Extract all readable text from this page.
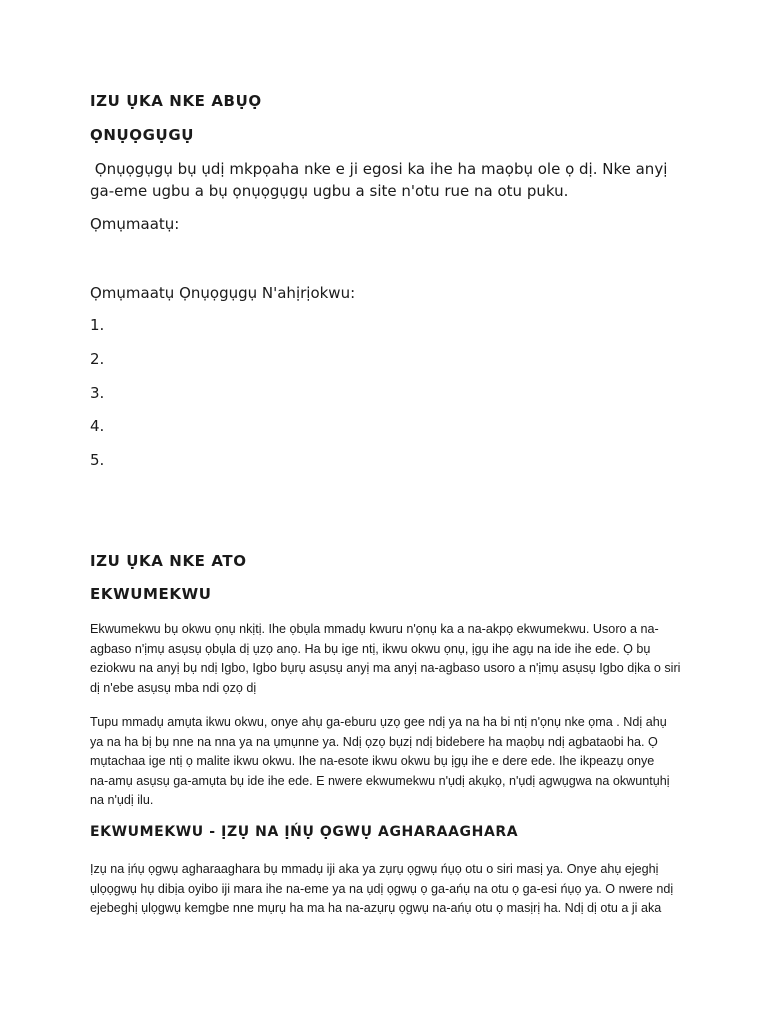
IZU ỤKA NKE ABỤỌ
ỌNỤỌGỤGỤ
Ọnụọgụgụ bụ ụdị mkpọaha nke e ji egosi ka ihe ha maọbụ ole ọ dị. Nke anyị
ga-eme ugbu a bụ ọnụọgụgụ ugbu a site n'otu rue na otu puku.
Ọmụmaatụ:
Ọmụmaatụ Ọnụọgụgụ N'ahịrịokwu:
1.
2.
3.
4.
5.
IZU ỤKA NKE ATO
EKWUMEKWU
Ekwumekwu bụ okwu ọnụ nkịtị. Ihe ọbụla mmadụ kwuru n'ọnụ ka a na-akpọ ekwumekwu. Usoro a na-
agbaso n'ịmụ asụsụ ọbụla dị ụzọ anọ. Ha bụ ige ntị, ikwu okwu ọnụ, ịgụ ihe agụ na ide ihe ede. Ọ bụ
eziokwu na anyị bụ ndị Igbo, Igbo bụrụ asụsụ anyị ma anyị na-agbaso usoro a n'ịmụ asụsụ Igbo dịka o siri
dị n'ebe asụsụ mba ndi ọzọ dị
Tupu mmadụ amụta ikwu okwu, onye ahụ ga-eburu ụzọ gee ndị ya na ha bi ntị n'ọnụ nke ọma . Ndị ahụ
ya na ha bị bụ nne na nna ya na ụmụnne ya. Ndị ọzọ bụzị ndị bidebere ha maọbụ ndị agbataobi ha. Ọ
mụtachaa ige ntị ọ malite ikwu okwu. Ihe na-esote ikwu okwu bụ ịgụ ihe e dere ede. Ihe ikpeazụ onye
na-amụ asụsụ ga-amụta bụ ide ihe ede. E nwere ekwumekwu n'ụdị akụkọ, n'ụdị agwụgwa na okwuntụhị
na n'ụdị ilu.
EKWUMEKWU - ỊZỤ NA ỊŃỤ ỌGWỤ AGHARAAGHARA
Ịzụ na ịńụ ọgwụ agharaaghara bụ mmadụ iji aka ya zụrụ ọgwụ ńụọ otu o siri masị ya. Onye ahụ ejeghị
ụlọọgwụ hụ dibịa oyibo iji mara ihe na-eme ya na ụdị ọgwụ ọ ga-ańụ na otu ọ ga-esi ńụọ ya. O nwere ndị
ejebeghị ụlọgwụ kemgbe nne mụrụ ha ma ha na-azụrụ ọgwụ na-ańụ otu ọ masịrị ha. Ndị dị otu a ji aka
